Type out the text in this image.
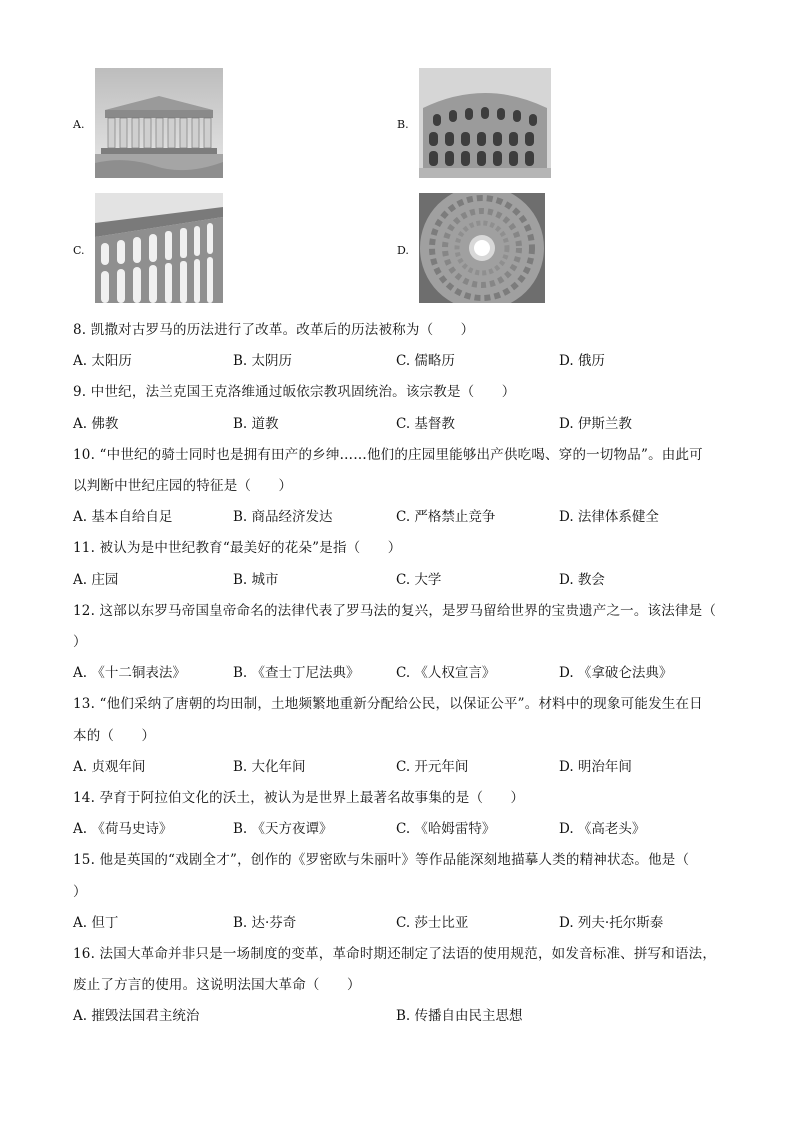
A.	B.
C.	D.
8. 凯撒对古罗马的历法进行了改革。改革后的历法被称为（　　）
A. 太阳历	B. 太阴历	C. 儒略历	D. 俄历
9. 中世纪，法兰克国王克洛维通过皈依宗教巩固统治。该宗教是（　　）
A. 佛教	B. 道教	C. 基督教	D. 伊斯兰教
10. “中世纪的骑士同时也是拥有田产的乡绅……他们的庄园里能够出产供吃喝、穿的一切物品”。由此可
以判断中世纪庄园的特征是（　　）
A. 基本自给自足	B. 商品经济发达	C. 严格禁止竞争	D. 法律体系健全
11. 被认为是中世纪教育“最美好的花朵”是指（　　）
A. 庄园	B. 城市	C. 大学	D. 教会
12. 这部以东罗马帝国皇帝命名的法律代表了罗马法的复兴，是罗马留给世界的宝贵遗产之一。该法律是（
）
A. 《十二铜表法》	B. 《查士丁尼法典》	C. 《人权宣言》	D. 《拿破仑法典》
13. “他们采纳了唐朝的均田制，土地频繁地重新分配给公民，以保证公平”。材料中的现象可能发生在日
本的（　　）
A. 贞观年间	B. 大化年间	C. 开元年间	D. 明治年间
14. 孕育于阿拉伯文化的沃土，被认为是世界上最著名故事集的是（　　）
A. 《荷马史诗》	B. 《天方夜谭》	C. 《哈姆雷特》	D. 《高老头》
15. 他是英国的“戏剧全才”，创作的《罗密欧与朱丽叶》等作品能深刻地描摹人类的精神状态。他是（
）
A. 但丁	B. 达·芬奇	C. 莎士比亚	D. 列夫·托尔斯泰
16. 法国大革命并非只是一场制度的变革，革命时期还制定了法语的使用规范，如发音标准、拼写和语法，
废止了方言的使用。这说明法国大革命（　　）
A. 摧毁法国君主统治	B. 传播自由民主思想
